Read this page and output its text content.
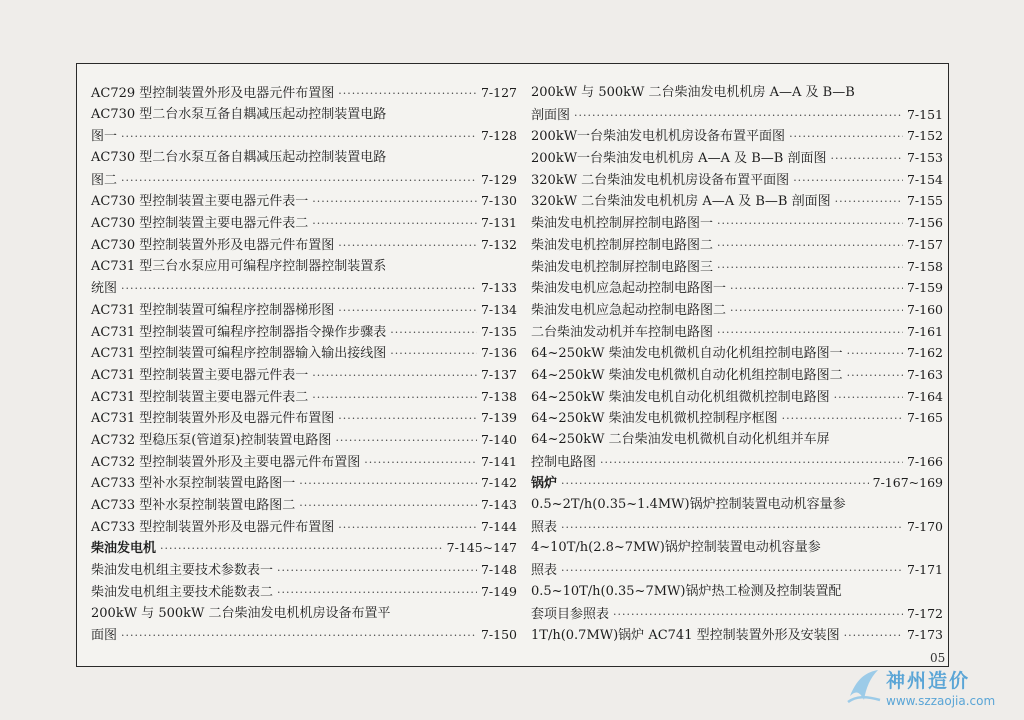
AC729 型控制装置外形及电器元件布置图 ·····	7-127
AC730 型二台水泵互备自耦减压起动控制装置电路
图一 ·····	7-128
AC730 型二台水泵互备自耦减压起动控制装置电路
图二 ·····	7-129
AC730 型控制装置主要电器元件表一 ·····	7-130
AC730 型控制装置主要电器元件表二 ·····	7-131
AC730 型控制装置外形及电器元件布置图 ·····	7-132
AC731 型三台水泵应用可编程序控制器控制装置系
统图 ·····	7-133
AC731 型控制装置可编程序控制器梯形图 ·····	7-134
AC731 型控制装置可编程序控制器指令操作步骤表 ·····	7-135
AC731 型控制装置可编程序控制器输入输出接线图 ·····	7-136
AC731 型控制装置主要电器元件表一 ·····	7-137
AC731 型控制装置主要电器元件表二 ·····	7-138
AC731 型控制装置外形及电器元件布置图 ·····	7-139
AC732 型稳压泵(管道泵)控制装置电路图 ·····	7-140
AC732 型控制装置外形及主要电器元件布置图 ·····	7-141
AC733 型补水泵控制装置电路图一 ·····	7-142
AC733 型补水泵控制装置电路图二 ·····	7-143
AC733 型控制装置外形及电器元件布置图 ·····	7-144
柴油发电机 ·····	7-145~147
柴油发电机组主要技术参数表一 ·····	7-148
柴油发电机组主要技术能数表二 ·····	7-149
200kW 与 500kW 二台柴油发电机机房设备布置平
面图 ·····	7-150
200kW 与 500kW 二台柴油发电机机房 A—A 及 B—B
剖面图 ·····	7-151
200kW一台柴油发电机机房设备布置平面图 ·····	7-152
200kW一台柴油发电机机房 A—A 及 B—B 剖面图 ·····	7-153
320kW 二台柴油发电机机房设备布置平面图 ·····	7-154
320kW 二台柴油发电机机房 A—A 及 B—B 剖面图 ·····	7-155
柴油发电机控制屏控制电路图一 ·····	7-156
柴油发电机控制屏控制电路图二 ·····	7-157
柴油发电机控制屏控制电路图三 ·····	7-158
柴油发电机应急起动控制电路图一 ·····	7-159
柴油发电机应急起动控制电路图二 ·····	7-160
二台柴油发动机并车控制电路图 ·····	7-161
64~250kW 柴油发电机微机自动化机组控制电路图一 ·····	7-162
64~250kW 柴油发电机微机自动化机组控制电路图二 ·····	7-163
64~250kW 柴油发电机自动化机组微机控制电路图 ·····	7-164
64~250kW 柴油发电机微机控制程序框图 ·····	7-165
64~250kW 二台柴油发电机微机自动化机组并车屏
控制电路图 ·····	7-166
锅炉 ·····	7-167~169
0.5~2T/h(0.35~1.4MW)锅炉控制装置电动机容量参
照表 ·····	7-170
4~10T/h(2.8~7MW)锅炉控制装置电动机容量参
照表 ·····	7-171
0.5~10T/h(0.35~7MW)锅炉热工检测及控制装置配
套项目参照表 ·····	7-172
1T/h(0.7MW)锅炉 AC741 型控制装置外形及安装图 ·····	7-173
05
神州造价
www.szzaojia.com
